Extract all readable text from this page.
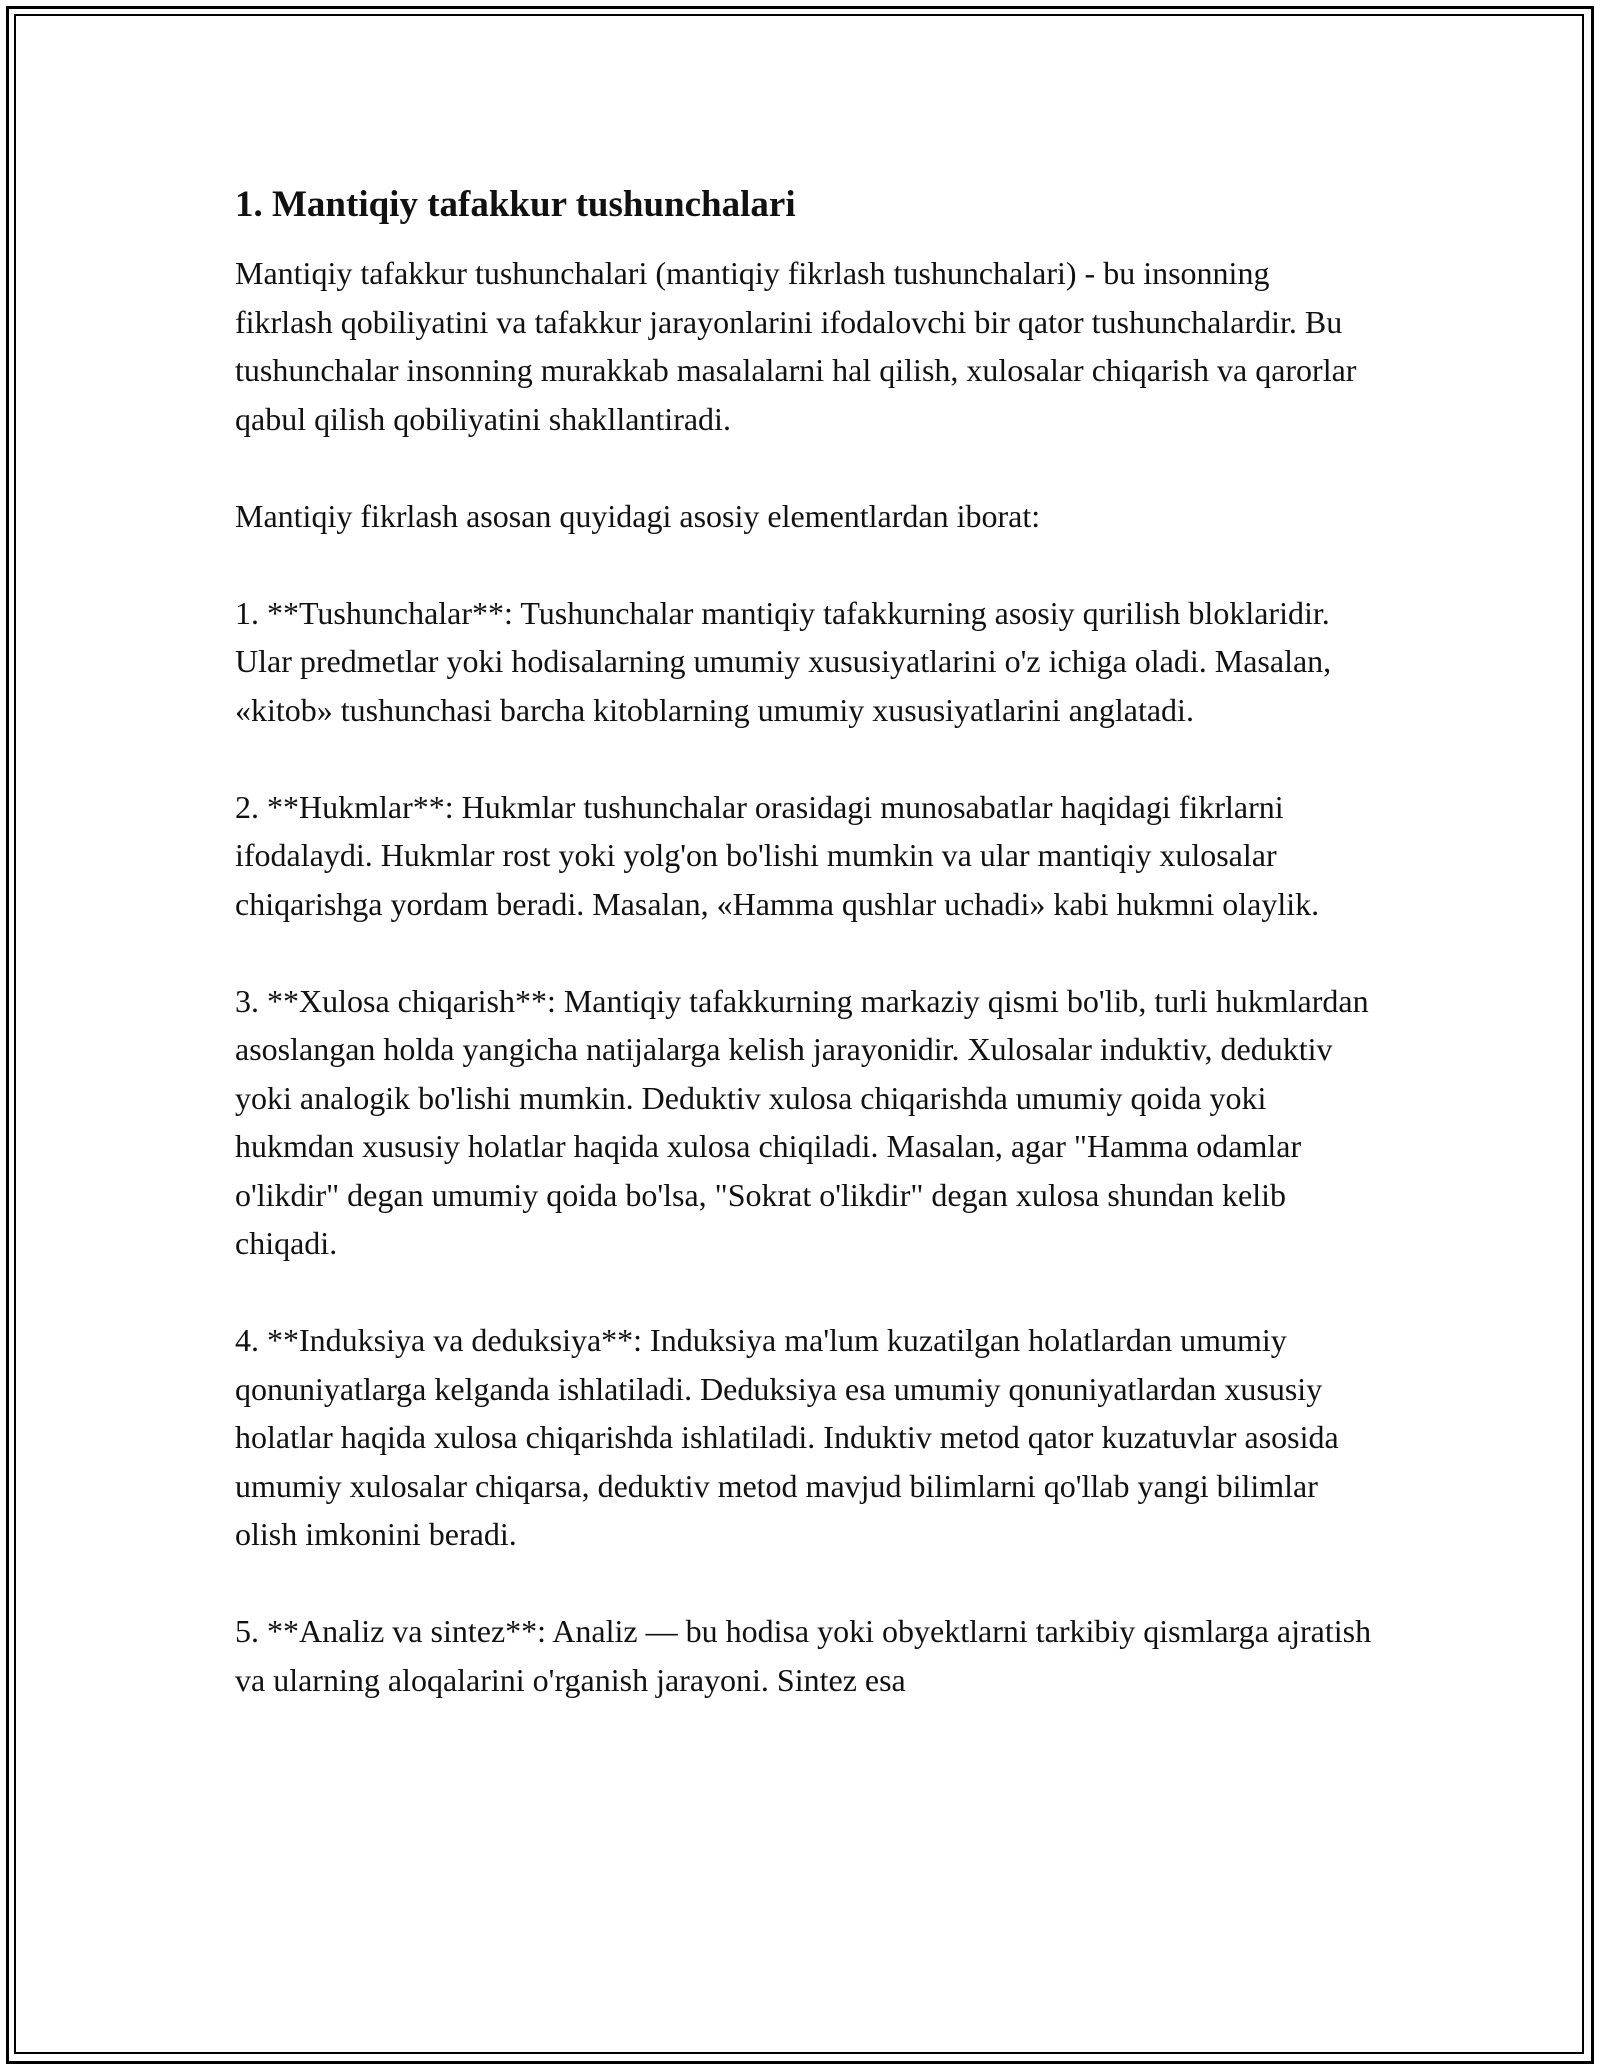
1. Mantiqiy tafakkur tushunchalari

Mantiqiy tafakkur tushunchalari (mantiqiy fikrlash tushunchalari) - bu insonning fikrlash qobiliyatini va tafakkur jarayonlarini ifodalovchi bir qator tushunchalardir. Bu tushunchalar insonning murakkab masalalarni hal qilish, xulosalar chiqarish va qarorlar qabul qilish qobiliyatini shakllantiradi.

Mantiqiy fikrlash asosan quyidagi asosiy elementlardan iborat:

1. **Tushunchalar**: Tushunchalar mantiqiy tafakkurning asosiy qurilish bloklaridir. Ular predmetlar yoki hodisalarning umumiy xususiyatlarini o'z ichiga oladi. Masalan, «kitob» tushunchasi barcha kitoblarning umumiy xususiyatlarini anglatadi.

2. **Hukmlar**: Hukmlar tushunchalar orasidagi munosabatlar haqidagi fikrlarni ifodalaydi. Hukmlar rost yoki yolg'on bo'lishi mumkin va ular mantiqiy xulosalar chiqarishga yordam beradi. Masalan, «Hamma qushlar uchadi» kabi hukmni olaylik.

3. **Xulosa chiqarish**: Mantiqiy tafakkurning markaziy qismi bo'lib, turli hukmlardan asoslangan holda yangicha natijalarga kelish jarayonidir. Xulosalar induktiv, deduktiv yoki analogik bo'lishi mumkin. Deduktiv xulosa chiqarishda umumiy qoida yoki hukmdan xususiy holatlar haqida xulosa chiqiladi. Masalan, agar "Hamma odamlar o'likdir" degan umumiy qoida bo'lsa, "Sokrat o'likdir" degan xulosa shundan kelib chiqadi.

4. **Induksiya va deduksiya**: Induksiya ma'lum kuzatilgan holatlardan umumiy qonuniyatlarga kelganda ishlatiladi. Deduksiya esa umumiy qonuniyatlardan xususiy holatlar haqida xulosa chiqarishda ishlatiladi. Induktiv metod qator kuzatuvlar asosida umumiy xulosalar chiqarsa, deduktiv metod mavjud bilimlarni qo'llab yangi bilimlar olish imkonini beradi.

5. **Analiz va sintez**: Analiz — bu hodisa yoki obyektlarni tarkibiy qismlarga ajratish va ularning aloqalarini o'rganish jarayoni. Sintez esa
